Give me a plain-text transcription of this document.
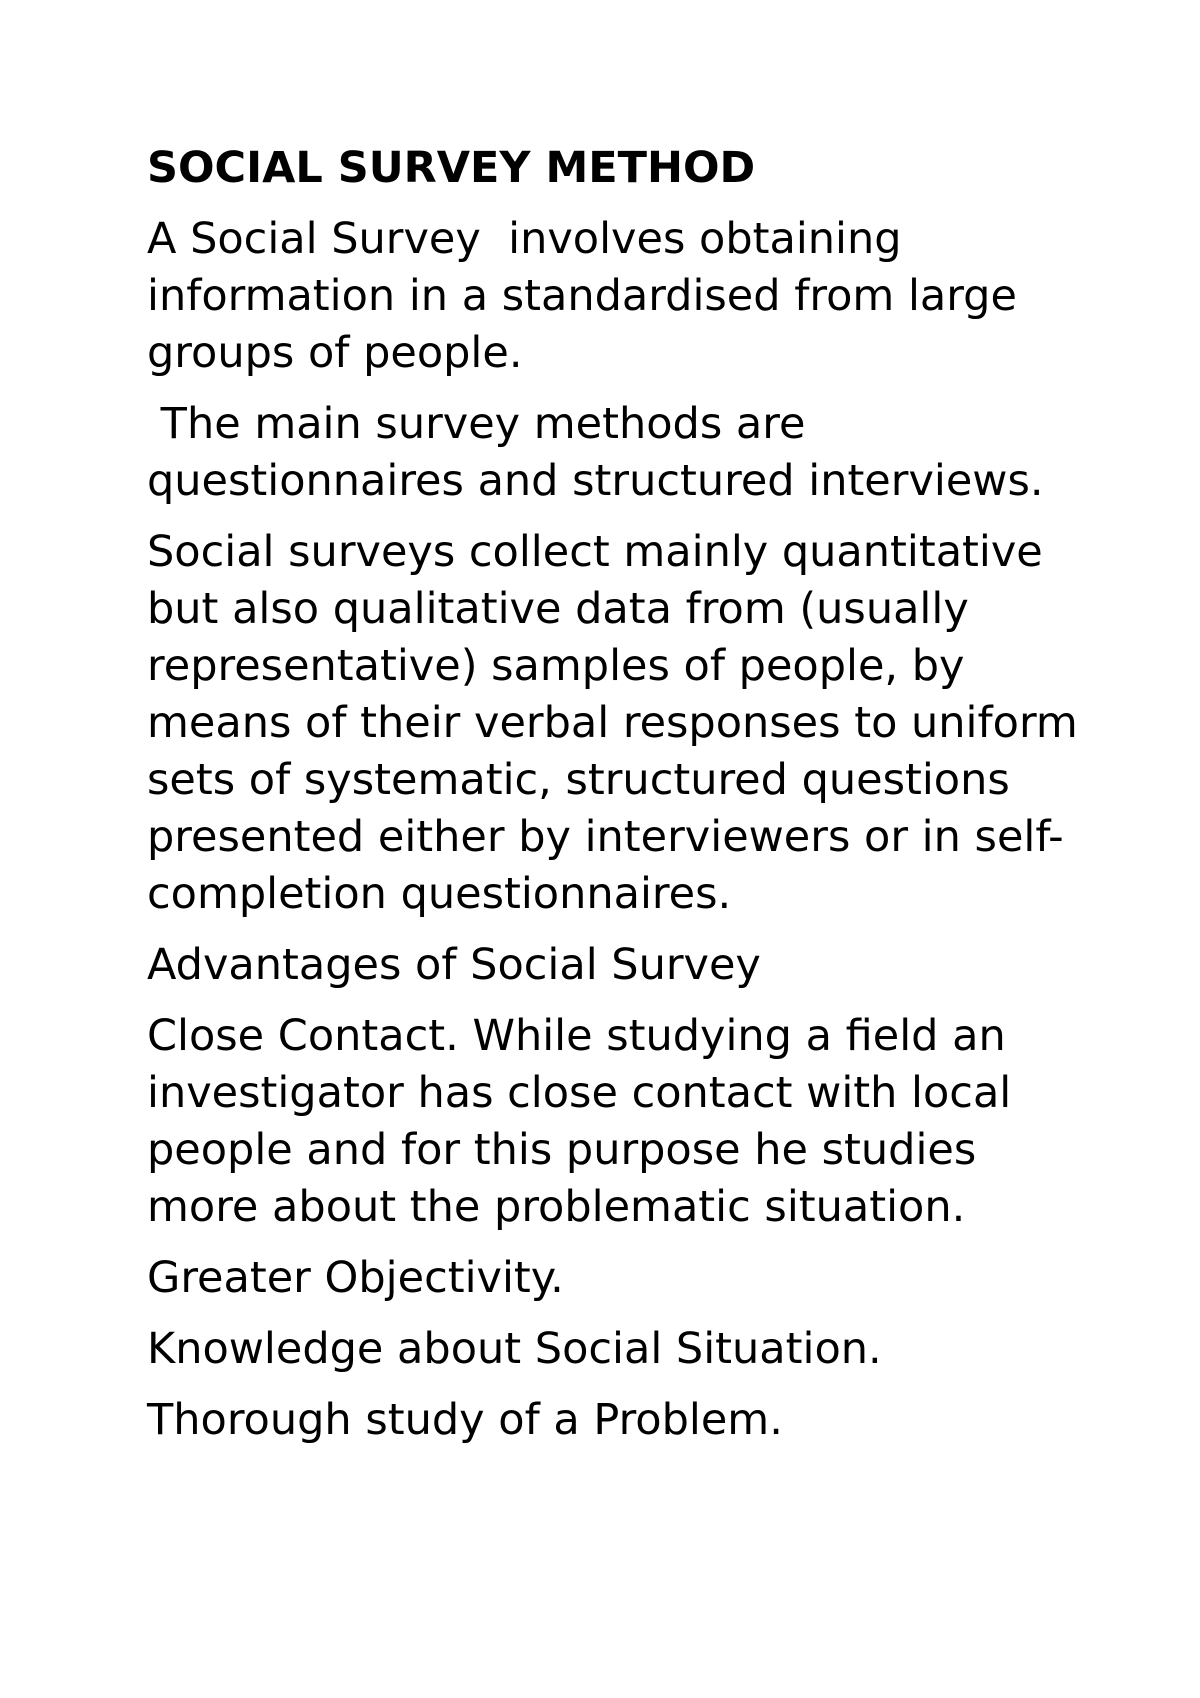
SOCIAL SURVEY METHOD

A Social Survey  involves obtaining information in a standardised from large groups of people.

The main survey methods are questionnaires and structured interviews.

Social surveys collect mainly quantitative but also qualitative data from (usually representative) samples of people, by means of their verbal responses to uniform sets of systematic, structured questions presented either by interviewers or in self-completion questionnaires.

Advantages of Social Survey

Close Contact. While studying a field an investigator has close contact with local people and for this purpose he studies more about the problematic situation.

Greater Objectivity.

Knowledge about Social Situation.

Thorough study of a Problem.
